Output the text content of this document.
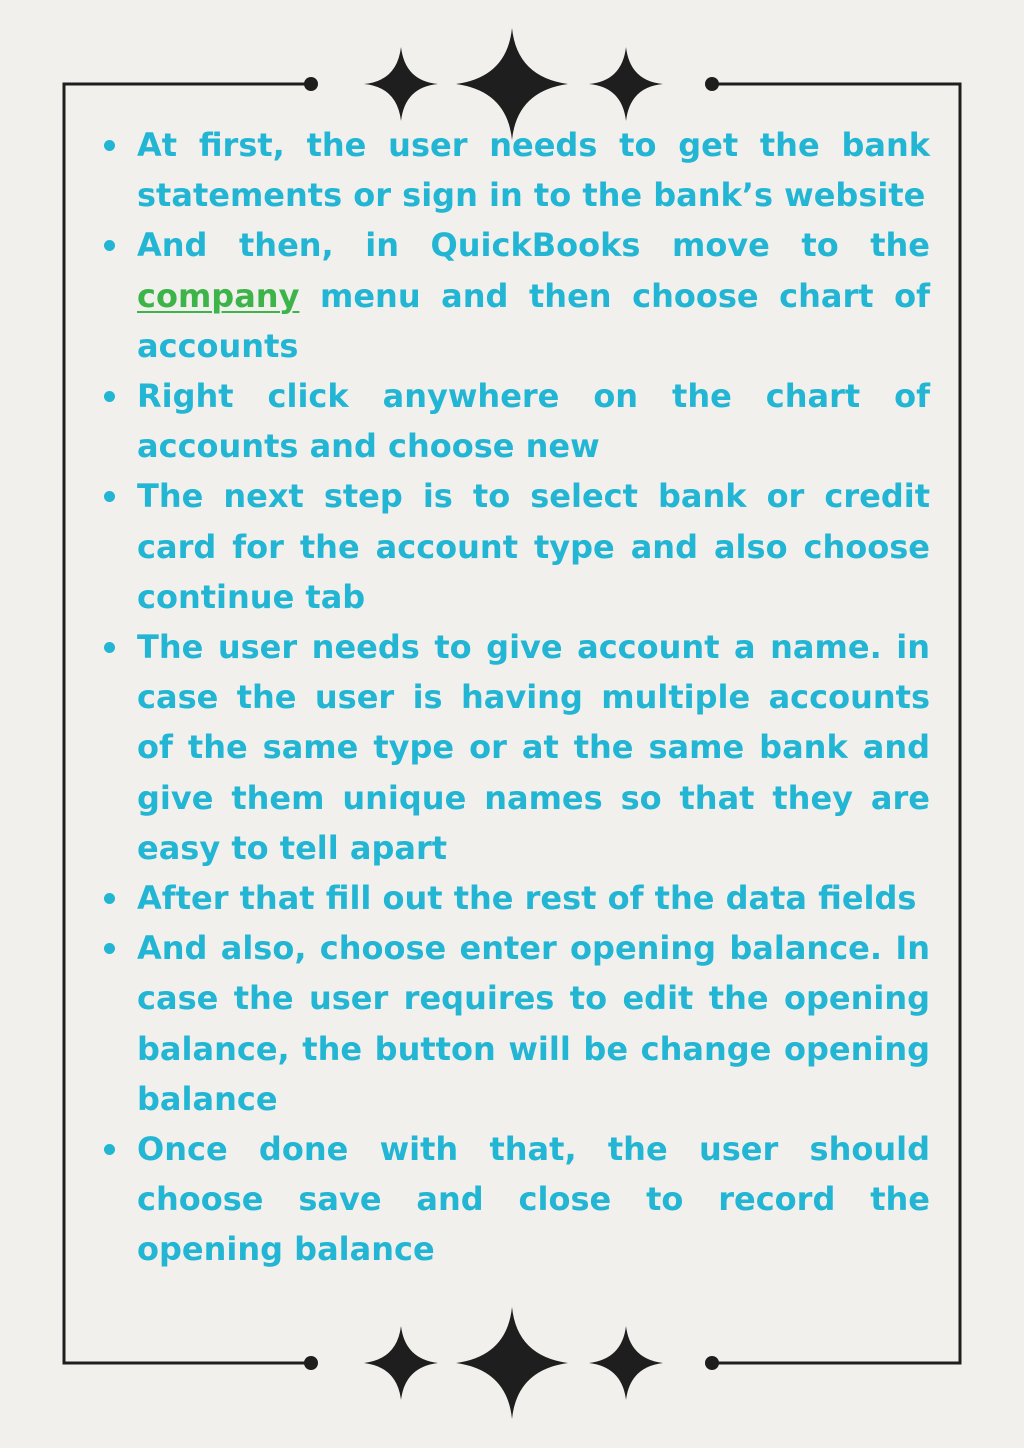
At first, the user needs to get the bank statements or sign in to the bank’s website
And then, in QuickBooks move to the company menu and then choose chart of accounts
Right click anywhere on the chart of accounts and choose new
The next step is to select bank or credit card for the account type and also choose continue tab
The user needs to give account a name. in case the user is having multiple accounts of the same type or at the same bank and give them unique names so that they are easy to tell apart
After that fill out the rest of the data fields
And also, choose enter opening balance. In case the user requires to edit the opening balance, the button will be change opening balance
Once done with that, the user should choose save and close to record the opening balance
